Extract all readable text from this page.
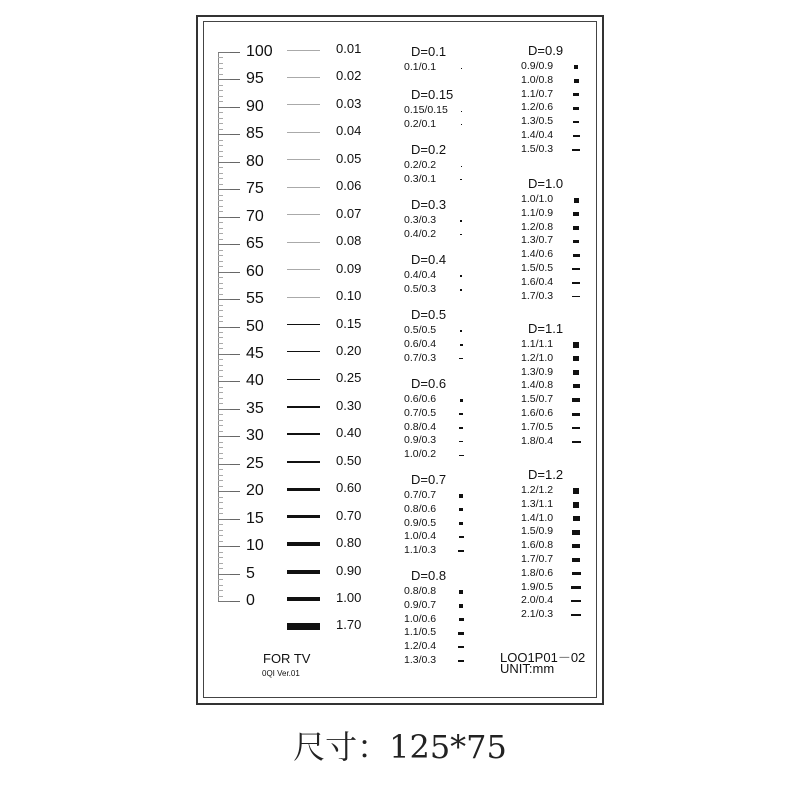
100
95
90
85
80
75
70
65
60
55
50
45
40
35
30
25
20
15
10
5
0
0.01
0.02
0.03
0.04
0.05
0.06
0.07
0.08
0.09
0.10
0.15
0.20
0.25
0.30
0.40
0.50
0.60
0.70
0.80
0.90
1.00
1.70
D=0.1
0.1/0.1
D=0.15
0.15/0.15
0.2/0.1
D=0.2
0.2/0.2
0.3/0.1
D=0.3
0.3/0.3
0.4/0.2
D=0.4
0.4/0.4
0.5/0.3
D=0.5
0.5/0.5
0.6/0.4
0.7/0.3
D=0.6
0.6/0.6
0.7/0.5
0.8/0.4
0.9/0.3
1.0/0.2
D=0.7
0.7/0.7
0.8/0.6
0.9/0.5
1.0/0.4
1.1/0.3
D=0.8
0.8/0.8
0.9/0.7
1.0/0.6
1.1/0.5
1.2/0.4
1.3/0.3
D=0.9
0.9/0.9
1.0/0.8
1.1/0.7
1.2/0.6
1.3/0.5
1.4/0.4
1.5/0.3
D=1.0
1.0/1.0
1.1/0.9
1.2/0.8
1.3/0.7
1.4/0.6
1.5/0.5
1.6/0.4
1.7/0.3
D=1.1
1.1/1.1
1.2/1.0
1.3/0.9
1.4/0.8
1.5/0.7
1.6/0.6
1.7/0.5
1.8/0.4
D=1.2
1.2/1.2
1.3/1.1
1.4/1.0
1.5/0.9
1.6/0.8
1.7/0.7
1.8/0.6
1.9/0.5
2.0/0.4
2.1/0.3
FOR TV
0QI Ver.01
LOO1P01－02
UNIT:mm
尺寸：125*75
